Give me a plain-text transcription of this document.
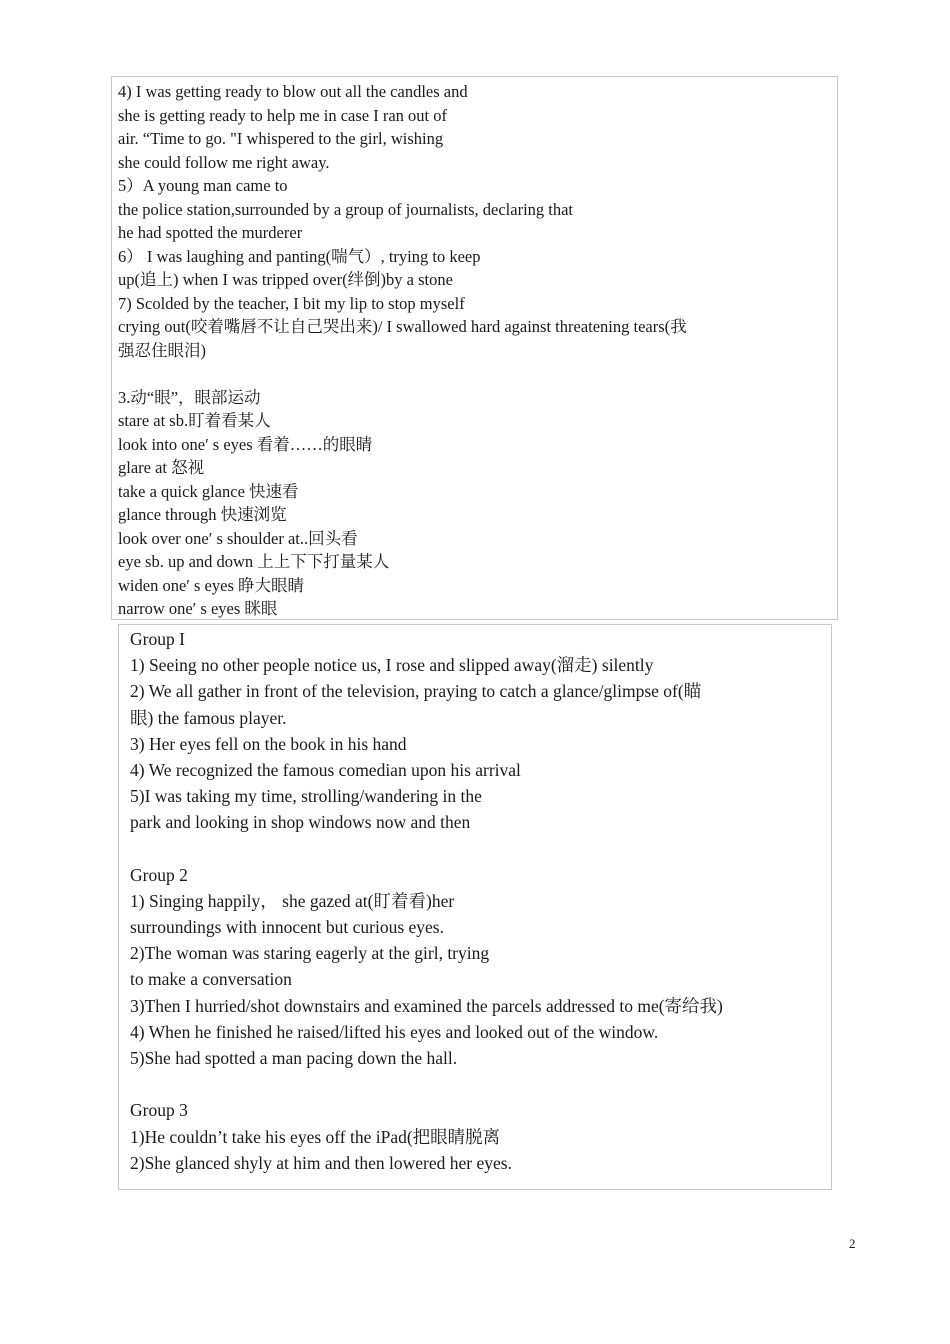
4) I was getting ready to blow out all the candles and
she is getting ready to help me in case I ran out of
air. “Time to go. "I whispered to the girl, wishing
she could follow me right away.
5）A young man came to
the police station,surrounded by a group of journalists, declaring that
he had spotted the murderer
6） I was laughing and panting(喘气）, trying to keep
up(追上) when I was tripped over(绊倒)by a stone
7) Scolded by the teacher, I bit my lip to stop myself
crying out(咬着嘴唇不让自己哭出来)/ I swallowed hard against threatening tears(我
强忍住眼泪)
3.动“眼”，眼部运动
stare at sb.盯着看某人
look into one′ s eyes 看着……的眼睛
glare at 怒视
take a quick glance 快速看
glance through 快速浏览
look over one′ s shoulder at..回头看
eye sb. up and down 上上下下打量某人
widen one′ s eyes 睁大眼睛
narrow one′ s eyes 眯眼
Group I
1) Seeing no other people notice us, I rose and slipped away(溜走) silently
2) We all gather in front of the television, praying to catch a glance/glimpse of(瞄
眼) the famous player.
3) Her eyes fell on the book in his hand
4) We recognized the famous comedian upon his arrival
5)I was taking my time, strolling/wandering in the
park and looking in shop windows now and then
Group 2
1) Singing happily， she gazed at(盯着看)her
surroundings with innocent but curious eyes.
2)The woman was staring eagerly at the girl, trying
to make a conversation
3)Then I hurried/shot downstairs and examined the parcels addressed to me(寄给我)
4) When he finished he raised/lifted his eyes and looked out of the window.
5)She had spotted a man pacing down the hall.
Group 3
1)He couldn’t take his eyes off the iPad(把眼睛脱离
2)She glanced shyly at him and then lowered her eyes.
2
